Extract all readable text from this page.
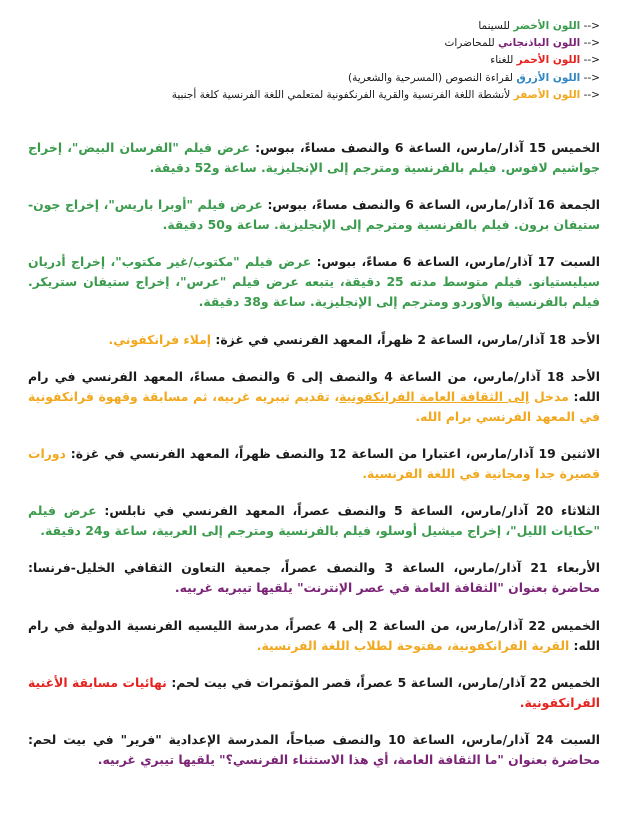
--> اللون الأخضر للسينما
--> اللون الباذنجاني للمحاضرات
--> اللون الأحمر للغناء
--> اللون الأزرق لقراءة النصوص (المسرحية والشعرية)
--> اللون الأصفر لأنشطة اللغة الفرنسية والقرية الفرنكفونية لمتعلمي اللغة الفرنسية كلغة أجنبية

الخميس 15 آذار/مارس، الساعة 6 والنصف مساءً، ببوس: عرض فيلم "الفرسان البيض"، إخراج جواشيم لافوس. فيلم بالفرنسية ومترجم إلى الإنجليزية. ساعة و52 دقيقة.

الجمعة 16 آذار/مارس، الساعة 6 والنصف مساءً، ببوس: عرض فيلم "أوبرا باريس"، إخراج جون-ستيفان برون. فيلم بالفرنسية ومترجم إلى الإنجليزية. ساعة و50 دقيقة.

السبت 17 آذار/مارس، الساعة 6 مساءً، ببوس: عرض فيلم "مكتوب/غير مكتوب"، إخراج أدريان سيليستيانو. فيلم متوسط مدته 25 دقيقة، يتبعه عرض فيلم "عرس"، إخراج ستيفان ستريكر. فيلم بالفرنسية والأوردو ومترجم إلى الإنجليزية. ساعة و38 دقيقة.

الأحد 18 آذار/مارس، الساعة 2 ظهراً، المعهد الفرنسي في غزة: إملاء فرانكفوني.

الأحد 18 آذار/مارس، من الساعة 4 والنصف إلى 6 والنصف مساءً، المعهد الفرنسي في رام الله: مدخل إلى الثقافة العامة الفرانكفونية، تقديم تيبريه غربيه، ثم مسابقة وقهوة فرانكفونية في المعهد الفرنسي برام الله.

الاثنين 19 آذار/مارس، اعتبارا من الساعة 12 والنصف ظهراً، المعهد الفرنسي في غزة: دورات قصيرة جدا ومجانية في اللغة الفرنسية.

الثلاثاء 20 آذار/مارس، الساعة 5 والنصف عصراً، المعهد الفرنسي في نابلس: عرض فيلم "حكايات الليل"، إخراج ميشيل أوسلو، فيلم بالفرنسية ومترجم إلى العربية، ساعة و24 دقيقة.

الأربعاء 21 آذار/مارس، الساعة 3 والنصف عصراً، جمعية التعاون الثقافي الخليل-فرنسا: محاضرة بعنوان "الثقافة العامة في عصر الإنترنت" يلقيها تيبريه غربيه.

الخميس 22 آذار/مارس، من الساعة 2 إلى 4 عصراً، مدرسة الليسيه الفرنسية الدولية في رام الله: القرية الفرانكفونية، مفتوحة لطلاب اللغة الفرنسية.

الخميس 22 آذار/مارس، الساعة 5 عصراً، قصر المؤتمرات في بيت لحم: نهائيات مسابقة الأغنية الفرانكفونية.

السبت 24 آذار/مارس، الساعة 10 والنصف صباحاً، المدرسة الإعدادية "فرير" في بيت لحم: محاضرة بعنوان "ما الثقافة العامة، أي هذا الاستثناء الفرنسي؟" يلقيها تيبري غربيه.
